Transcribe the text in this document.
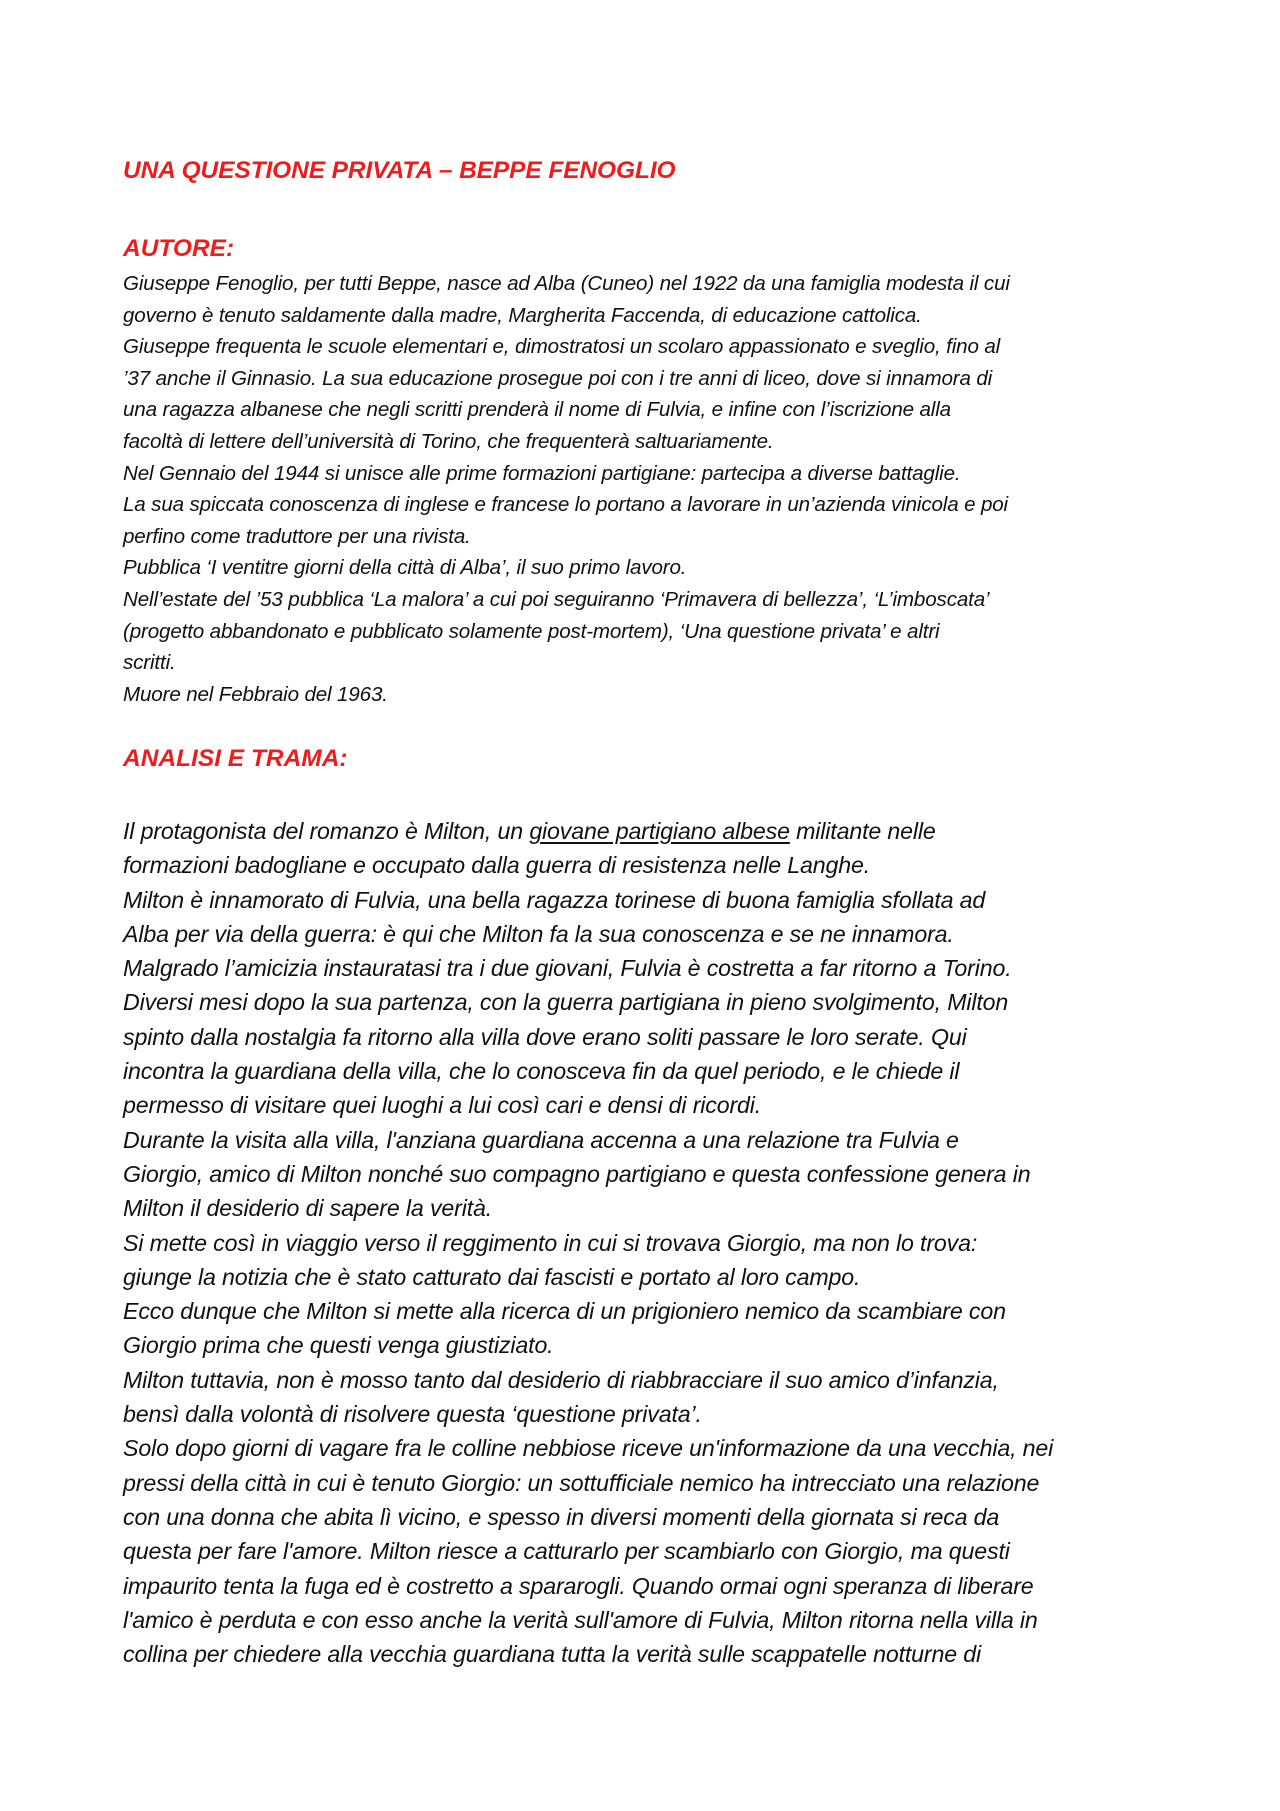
UNA QUESTIONE PRIVATA – BEPPE FENOGLIO
AUTORE:
Giuseppe Fenoglio, per tutti Beppe, nasce ad Alba (Cuneo) nel 1922 da una famiglia modesta il cui
governo è tenuto saldamente dalla madre, Margherita Faccenda, di educazione cattolica.
Giuseppe frequenta le scuole elementari e, dimostratosi un scolaro appassionato e sveglio, fino al
’37 anche il Ginnasio. La sua educazione prosegue poi con i tre anni di liceo, dove si innamora di
una ragazza albanese che negli scritti prenderà il nome di Fulvia, e infine con l’iscrizione alla
facoltà di lettere dell’università di Torino, che frequenterà saltuariamente.
Nel Gennaio del 1944 si unisce alle prime formazioni partigiane: partecipa a diverse battaglie.
La sua spiccata conoscenza di inglese e francese lo portano a lavorare in un’azienda vinicola e poi
perfino come traduttore per una rivista.
Pubblica ‘I ventitre giorni della città di Alba’, il suo primo lavoro.
Nell’estate del ’53 pubblica ‘La malora’ a cui poi seguiranno ‘Primavera di bellezza’, ‘L’imboscata’
(progetto abbandonato e pubblicato solamente post-mortem), ‘Una questione privata’ e altri
scritti.
Muore nel Febbraio del 1963.
ANALISI E TRAMA:
Il protagonista del romanzo è Milton, un giovane partigiano albese militante nelle
formazioni badogliane e occupato dalla guerra di resistenza nelle Langhe.
Milton è innamorato di Fulvia, una bella ragazza torinese di buona famiglia sfollata ad
Alba per via della guerra: è qui che Milton fa la sua conoscenza e se ne innamora.
Malgrado l’amicizia instauratasi tra i due giovani, Fulvia è costretta a far ritorno a Torino.
Diversi mesi dopo la sua partenza, con la guerra partigiana in pieno svolgimento, Milton
spinto dalla nostalgia fa ritorno alla villa dove erano soliti passare le loro serate. Qui
incontra la guardiana della villa, che lo conosceva fin da quel periodo, e le chiede il
permesso di visitare quei luoghi a lui così cari e densi di ricordi.
Durante la visita alla villa, l'anziana guardiana accenna a una relazione tra Fulvia e
Giorgio, amico di Milton nonché suo compagno partigiano e questa confessione genera in
Milton il desiderio di sapere la verità.
Si mette così in viaggio verso il reggimento in cui si trovava Giorgio, ma non lo trova:
giunge la notizia che è stato catturato dai fascisti e portato al loro campo.
Ecco dunque che Milton si mette alla ricerca di un prigioniero nemico da scambiare con
Giorgio prima che questi venga giustiziato.
Milton tuttavia, non è mosso tanto dal desiderio di riabbracciare il suo amico d’infanzia,
bensì dalla volontà di risolvere questa ‘questione privata’.
Solo dopo giorni di vagare fra le colline nebbiose riceve un'informazione da una vecchia, nei
pressi della città in cui è tenuto Giorgio: un sottufficiale nemico ha intrecciato una relazione
con una donna che abita lì vicino, e spesso in diversi momenti della giornata si reca da
questa per fare l'amore. Milton riesce a catturarlo per scambiarlo con Giorgio, ma questi
impaurito tenta la fuga ed è costretto a spararogli. Quando ormai ogni speranza di liberare
l'amico è perduta e con esso anche la verità sull'amore di Fulvia, Milton ritorna nella villa in
collina per chiedere alla vecchia guardiana tutta la verità sulle scappatelle notturne di
